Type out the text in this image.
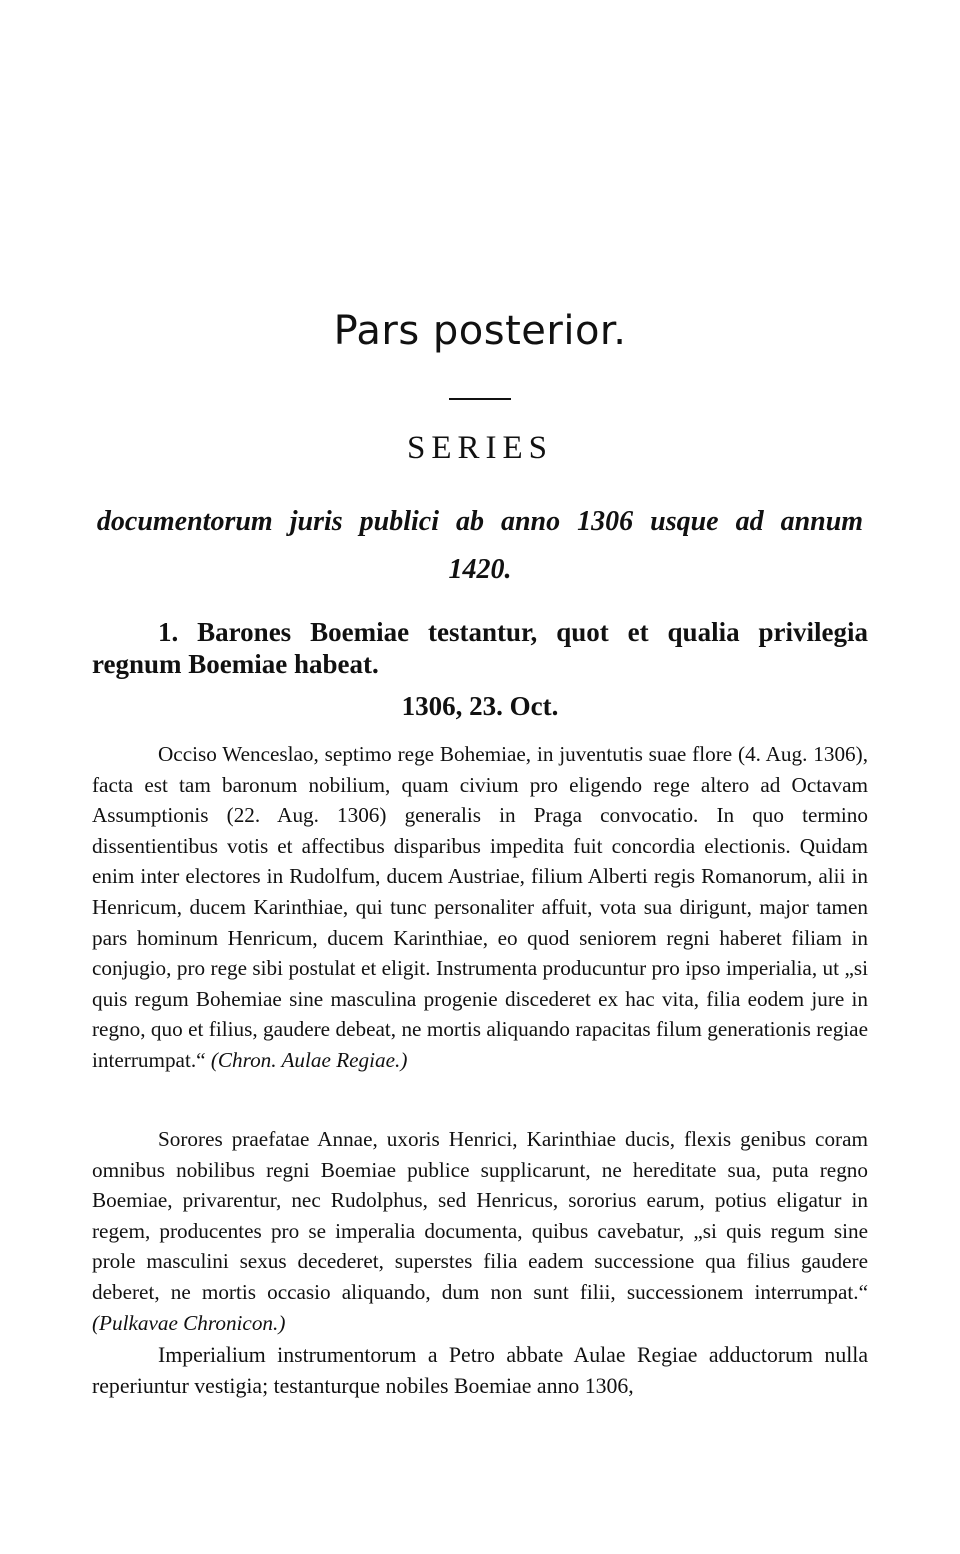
Pars posterior.
SERIES

documentorum juris publici ab anno 1306 usque ad annum 1420.

1. Barones Boemiae testantur, quot et qualia privilegia regnum Boemiae habeat.

1306, 23. Oct.

Occiso Wenceslao, septimo rege Bohemiae, in juventutis suae flore (4. Aug. 1306), facta est tam baronum nobilium, quam civium pro eligendo rege altero ad Octavam Assumptionis (22. Aug. 1306) generalis in Praga convocatio. In quo termino dissentientibus votis et affectibus disparibus impedita fuit concordia electionis. Quidam enim inter electores in Rudolfum, ducem Austriae, filium Alberti regis Romanorum, alii in Henricum, ducem Karinthiae, qui tunc personaliter affuit, vota sua dirigunt, major tamen pars hominum Henricum, ducem Karinthiae, eo quod seniorem regni haberet filiam in conjugio, pro rege sibi postulat et eligit. Instrumenta producuntur pro ipso imperialia, ut „si quis regum Bohemiae sine masculina progenie discederet ex hac vita, filia eodem jure in regno, quo et filius, gaudere debeat, ne mortis aliquando rapacitas filum generationis regiae interrumpat.“ (Chron. Aulae Regiae.)

Sorores praefatae Annae, uxoris Henrici, Karinthiae ducis, flexis genibus coram omnibus nobilibus regni Boemiae publice supplicarunt, ne hereditate sua, puta regno Boemiae, privarentur, nec Rudolphus, sed Henricus, sororius earum, potius eligatur in regem, producentes pro se imperalia documenta, quibus cavebatur, „si quis regum sine prole masculini sexus decederet, superstes filia eadem successione qua filius gaudere deberet, ne mortis occasio aliquando, dum non sunt filii, successionem interrumpat.“ (Pulkavae Chronicon.)

Imperialium instrumentorum a Petro abbate Aulae Regiae adductorum nulla reperiuntur vestigia; testanturque nobiles Boemiae anno 1306,
